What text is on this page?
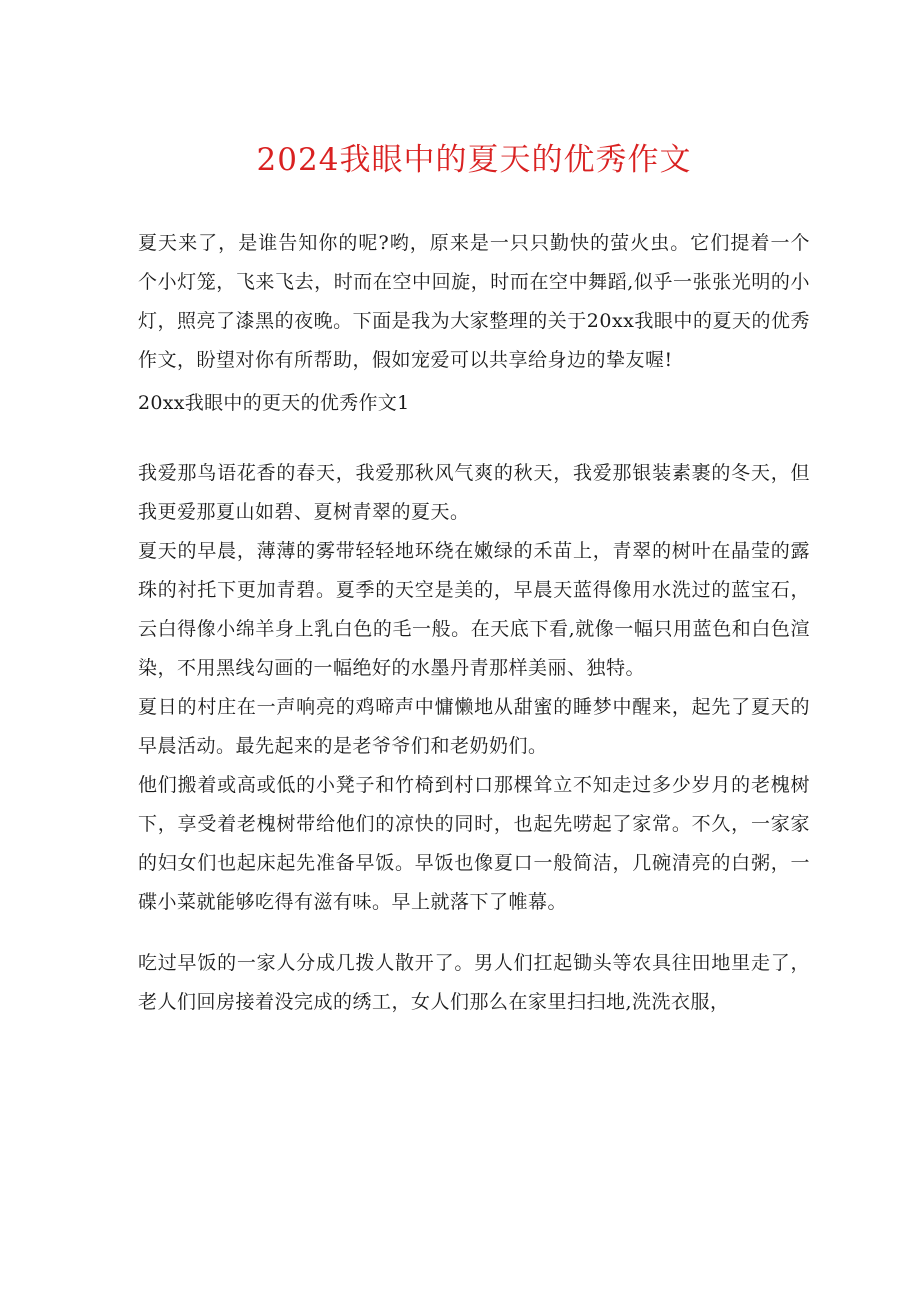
2024我眼中的夏天的优秀作文

夏天来了，是谁告知你的呢?哟，原来是一只只勤快的萤火虫。它们提着一个个小灯笼，飞来飞去，时而在空中回旋，时而在空中舞蹈,似乎一张张光明的小灯，照亮了漆黑的夜晚。下面是我为大家整理的关于20xx我眼中的夏天的优秀作文，盼望对你有所帮助，假如宠爱可以共享给身边的挚友喔!

20xx我眼中的更天的优秀作文1

我爱那鸟语花香的春天，我爱那秋风气爽的秋天，我爱那银装素裹的冬天，但我更爱那夏山如碧、夏树青翠的夏天。

夏天的早晨，薄薄的雾带轻轻地环绕在嫩绿的禾苗上，青翠的树叶在晶莹的露珠的衬托下更加青碧。夏季的天空是美的，早晨天蓝得像用水洗过的蓝宝石，云白得像小绵羊身上乳白色的毛一般。在天底下看,就像一幅只用蓝色和白色渲染，不用黑线勾画的一幅绝好的水墨丹青那样美丽、独特。

夏日的村庄在一声响亮的鸡啼声中慵懒地从甜蜜的睡梦中醒来，起先了夏天的早晨活动。最先起来的是老爷爷们和老奶奶们。

他们搬着或高或低的小凳子和竹椅到村口那棵耸立不知走过多少岁月的老槐树下，享受着老槐树带给他们的凉快的同时，也起先唠起了家常。不久，一家家的妇女们也起床起先准备早饭。早饭也像夏口一般简洁，几碗清亮的白粥，一碟小菜就能够吃得有滋有味。早上就落下了帷幕。

吃过早饭的一家人分成几拨人散开了。男人们扛起锄头等农具往田地里走了，老人们回房接着没完成的绣工，女人们那么在家里扫扫地,洗洗衣服，
